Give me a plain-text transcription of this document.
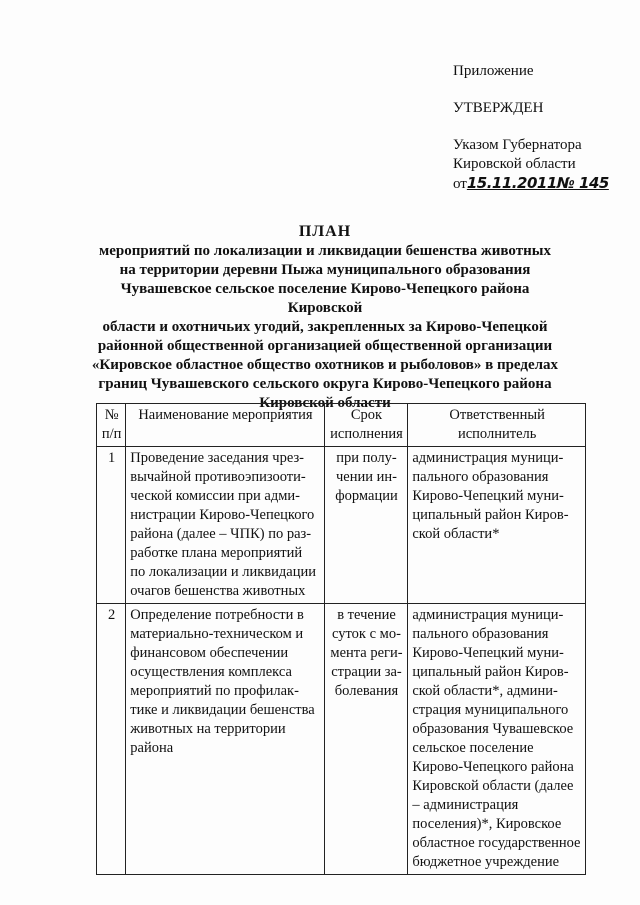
Приложение
УТВЕРЖДЕН
Указом Губернатора
Кировской области
от15.11.2011№ 145
ПЛАН
мероприятий по локализации и ликвидации бешенства животных
на территории деревни Пыжа муниципального образования
Чувашевское сельское поселение Кирово-Чепецкого района Кировской
области и охотничьих угодий, закрепленных за Кирово-Чепецкой
районной общественной организацией общественной организации
«Кировское областное общество охотников и рыболовов» в пределах
границ Чувашевского сельского округа Кирово-Чепецкого района
Кировской области
№ п/п	Наименование мероприятия	Срок исполнения	Ответственный исполнитель
1	Проведение заседания чрез-вычайной противоэпизооти-ческой комиссии при адми-нистрации Кирово-Чепецкого района (далее – ЧПК) по раз-работке плана мероприятий по локализации и ликвидации очагов бешенства животных	при полу-чении ин-формации	администрация муници-пального образования Кирово-Чепецкий муни-ципальный район Киров-ской области*
2	Определение потребности в материально-техническом и финансовом обеспечении осуществления комплекса мероприятий по профилак-тике и ликвидации бешенства животных на территории района	в течение суток с мо-мента реги-страции за-болевания	администрация муници-пального образования Кирово-Чепецкий муни-ципальный район Киров-ской области*, админи-страция муниципального образования Чувашевское сельское поселение Кирово-Чепецкого района Кировской области (далее – администрация поселения)*, Кировское областное государственное бюджетное учреждение
